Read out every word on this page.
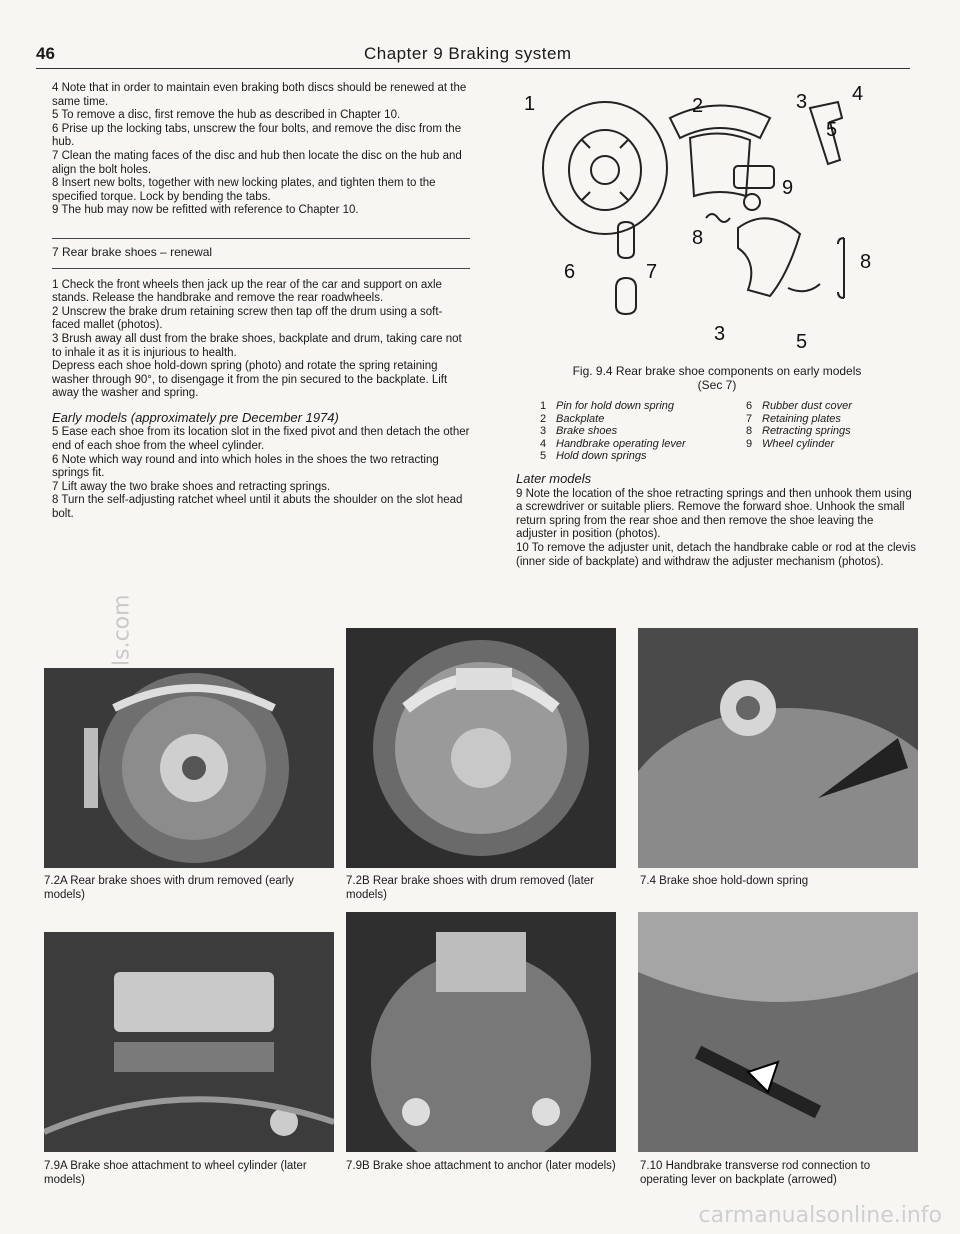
carmanualsonline.info
46	Chapter 9 Braking system

4 Note that in order to maintain even braking both discs should be renewed at the same time.

5 To remove a disc, first remove the hub as described in Chapter 10.

6 Prise up the locking tabs, unscrew the four bolts, and remove the disc from the hub.

7 Clean the mating faces of the disc and hub then locate the disc on the hub and align the bolt holes.

8 Insert new bolts, together with new locking plates, and tighten them to the specified torque. Lock by bending the tabs.

9 The hub may now be refitted with reference to Chapter 10.

7 Rear brake shoes – renewal

1 Check the front wheels then jack up the rear of the car and support on axle stands. Release the handbrake and remove the rear roadwheels.

2 Unscrew the brake drum retaining screw then tap off the drum using a soft-faced mallet (photos).

3 Brush away all dust from the brake shoes, backplate and drum, taking care not to inhale it as it is injurious to health.

Depress each shoe hold-down spring (photo) and rotate the spring retaining washer through 90°, to disengage it from the pin secured to the backplate. Lift away the washer and spring.

Early models (approximately pre December 1974)

5 Ease each shoe from its location slot in the fixed pivot and then detach the other end of each shoe from the wheel cylinder.

6 Note which way round and into which holes in the shoes the two retracting springs fit.

7 Lift away the two brake shoes and retracting springs.

8 Turn the self-adjusting ratchet wheel until it abuts the shoulder on the slot head bolt.

1	2	3 4
5
6	7
8
9
3	5
8
Fig. 9.4 Rear brake shoe components on early models
(Sec 7)
1 Pin for hold down spring
2 Backplate
3 Brake shoes
4 Handbrake operating lever
5 Hold down springs
6 Rubber dust cover
7 Retaining plates
8 Retracting springs
9 Wheel cylinder
Later models

9 Note the location of the shoe retracting springs and then unhook them using a screwdriver or suitable pliers. Remove the forward shoe. Unhook the small return spring from the rear shoe and then remove the shoe leaving the adjuster in position (photos).

10 To remove the adjuster unit, detach the handbrake cable or rod at the clevis (inner side of backplate) and withdraw the adjuster mechanism (photos).

7.2A Rear brake shoes with drum removed (early models)
7.2B Rear brake shoes with drum removed (later models)
7.4 Brake shoe hold-down spring
7.9A Brake shoe attachment to wheel cylinder (later models)
7.9B Brake shoe attachment to anchor (later models) 7.10 Handbrake transverse rod connection to operating lever on backplate (arrowed)
